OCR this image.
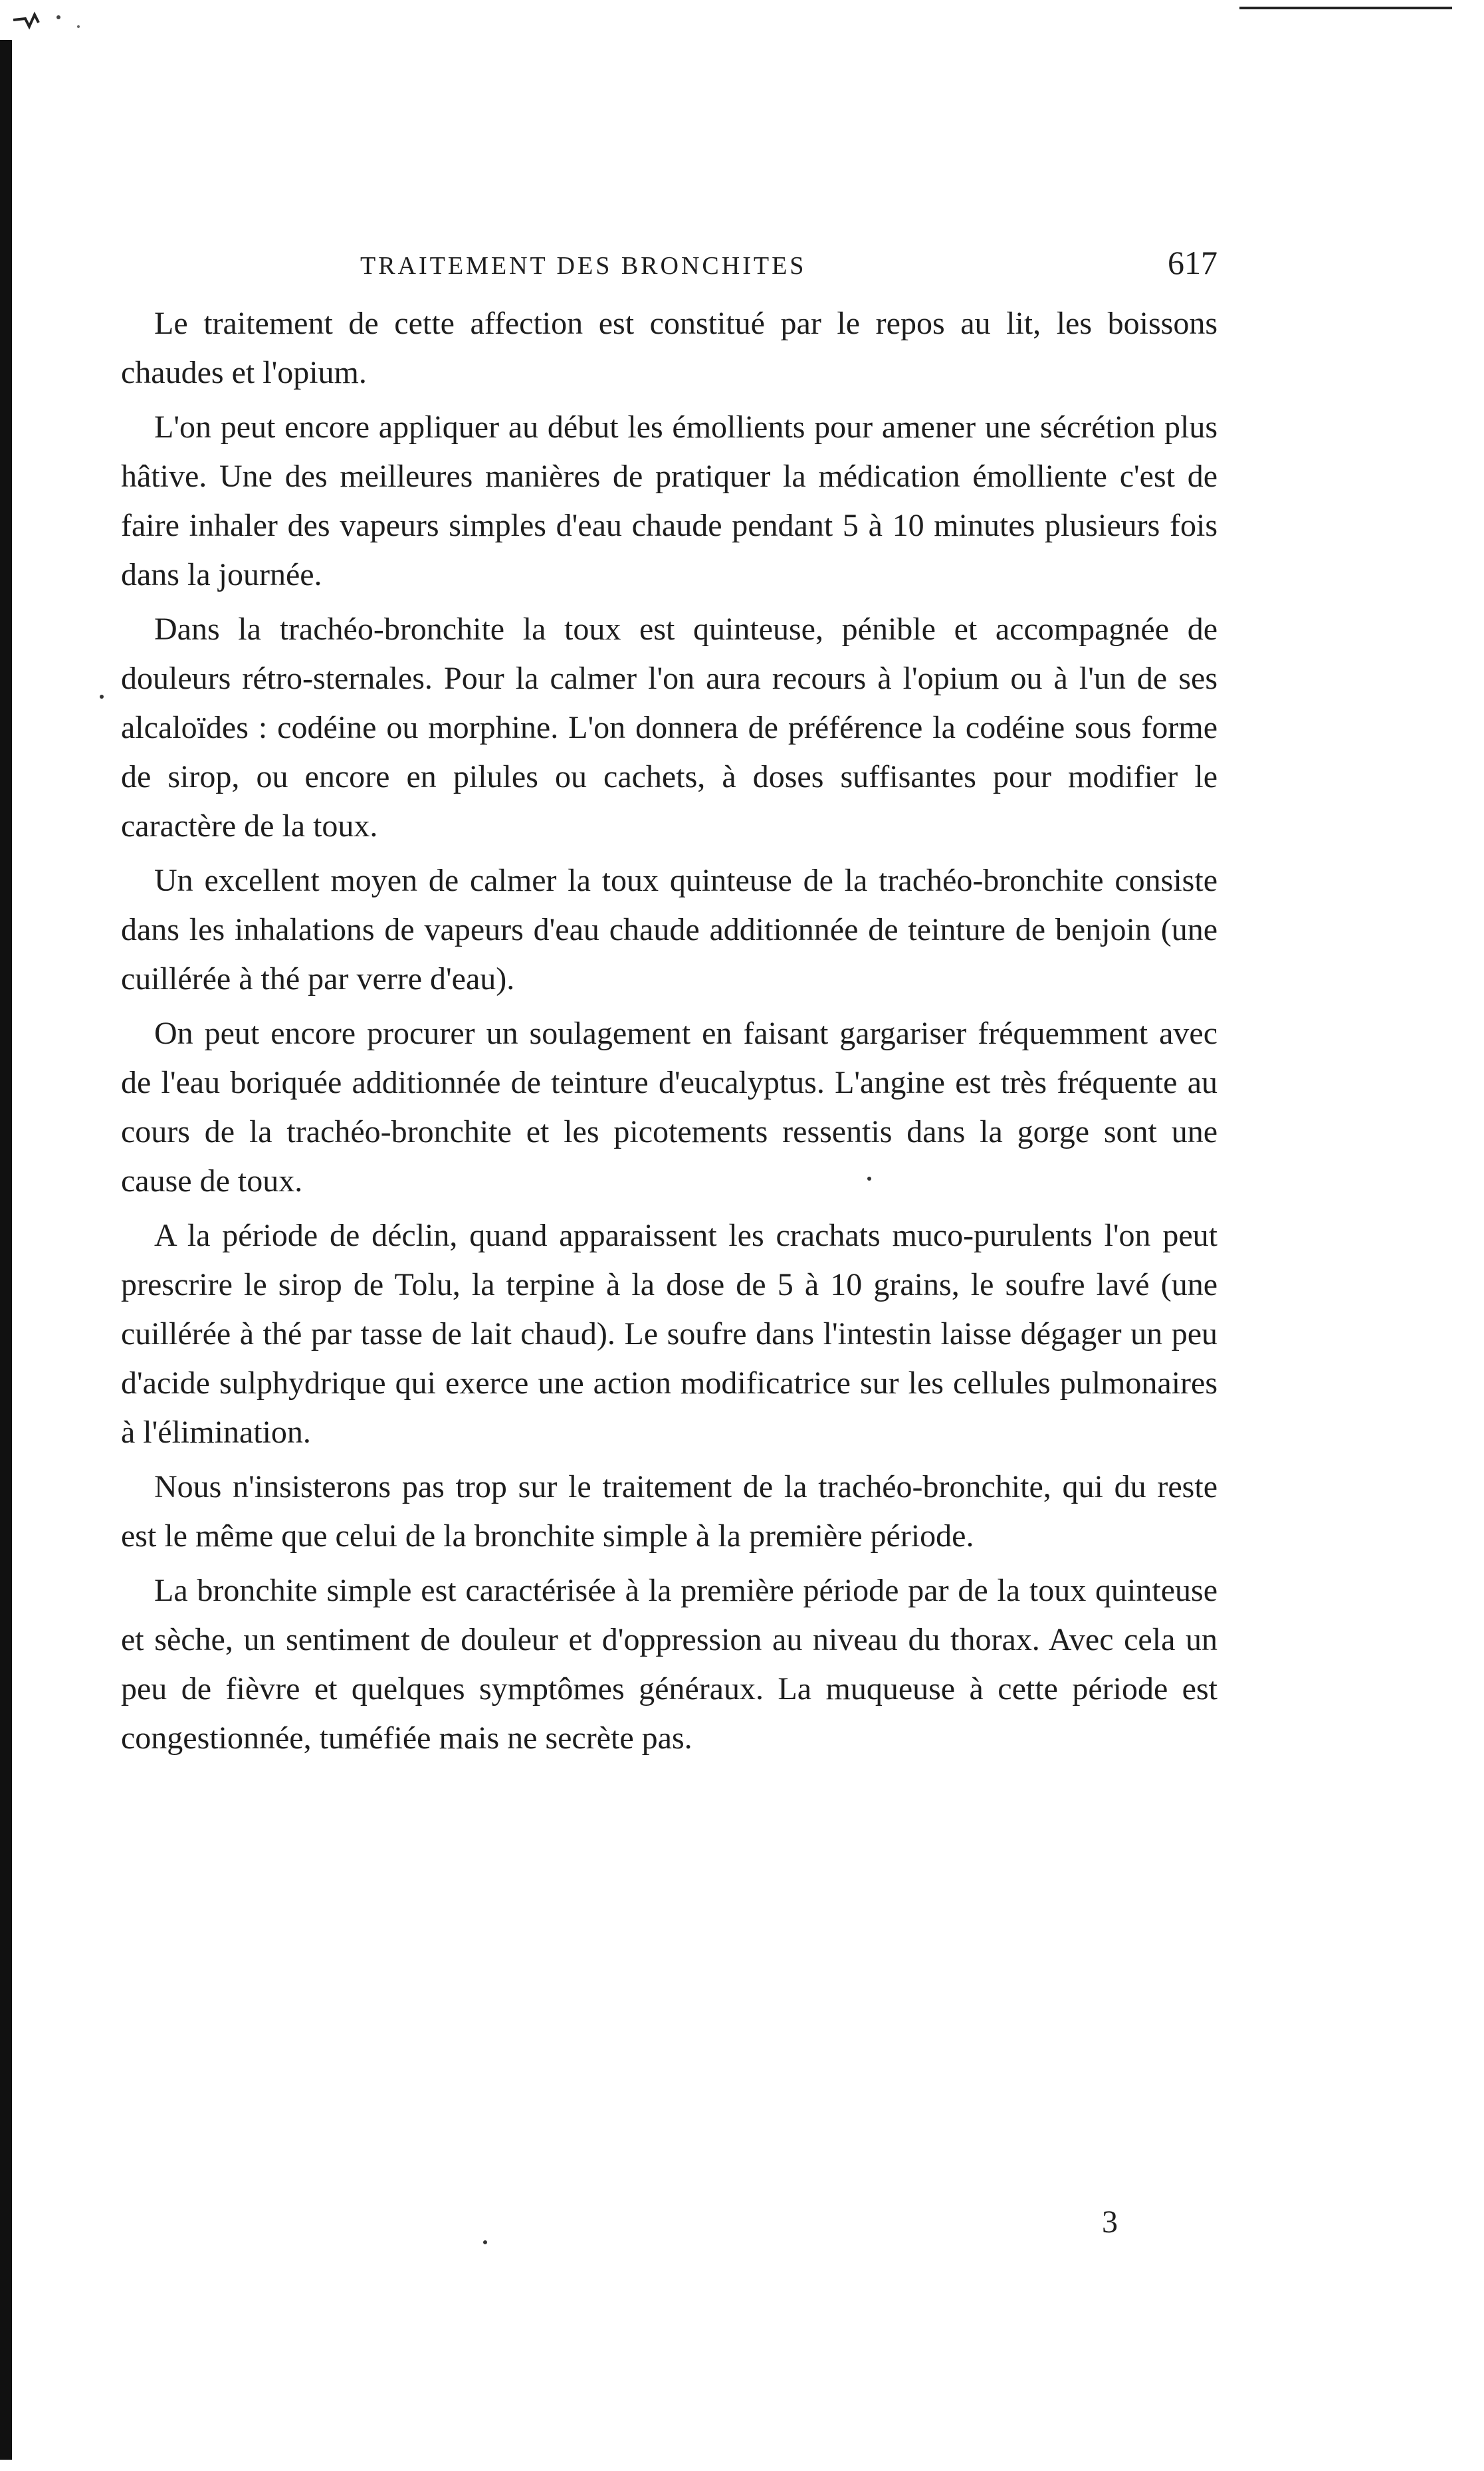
TRAITEMENT DES BRONCHITES	617

Le traitement de cette affection est constitué par le repos au lit, les boissons chaudes et l'opium.

L'on peut encore appliquer au début les émollients pour amener une sécrétion plus hâtive. Une des meilleures manières de pratiquer la médication émolliente c'est de faire inhaler des vapeurs simples d'eau chaude pendant 5 à 10 minutes plusieurs fois dans la journée.

Dans la trachéo-bronchite la toux est quinteuse, pénible et accompagnée de douleurs rétro-sternales. Pour la calmer l'on aura recours à l'opium ou à l'un de ses alcaloïdes : codéine ou morphine. L'on donnera de préférence la codéine sous forme de sirop, ou encore en pilules ou cachets, à doses suffisantes pour modifier le caractère de la toux.

Un excellent moyen de calmer la toux quinteuse de la trachéo-bronchite consiste dans les inhalations de vapeurs d'eau chaude additionnée de teinture de benjoin (une cuillérée à thé par verre d'eau).

On peut encore procurer un soulagement en faisant gargariser fréquemment avec de l'eau boriquée additionnée de teinture d'eucalyptus. L'angine est très fréquente au cours de la trachéo-bronchite et les picotements ressentis dans la gorge sont une cause de toux.

A la période de déclin, quand apparaissent les crachats muco-purulents l'on peut prescrire le sirop de Tolu, la terpine à la dose de 5 à 10 grains, le soufre lavé (une cuillérée à thé par tasse de lait chaud). Le soufre dans l'intestin laisse dégager un peu d'acide sulphydrique qui exerce une action modificatrice sur les cellules pulmonaires à l'élimination.

Nous n'insisterons pas trop sur le traitement de la trachéo-bronchite, qui du reste est le même que celui de la bronchite simple à la première période.

La bronchite simple est caractérisée à la première période par de la toux quinteuse et sèche, un sentiment de douleur et d'oppression au niveau du thorax. Avec cela un peu de fièvre et quelques symptômes généraux. La muqueuse à cette période est congestionnée, tuméfiée mais ne secrète pas.

3
